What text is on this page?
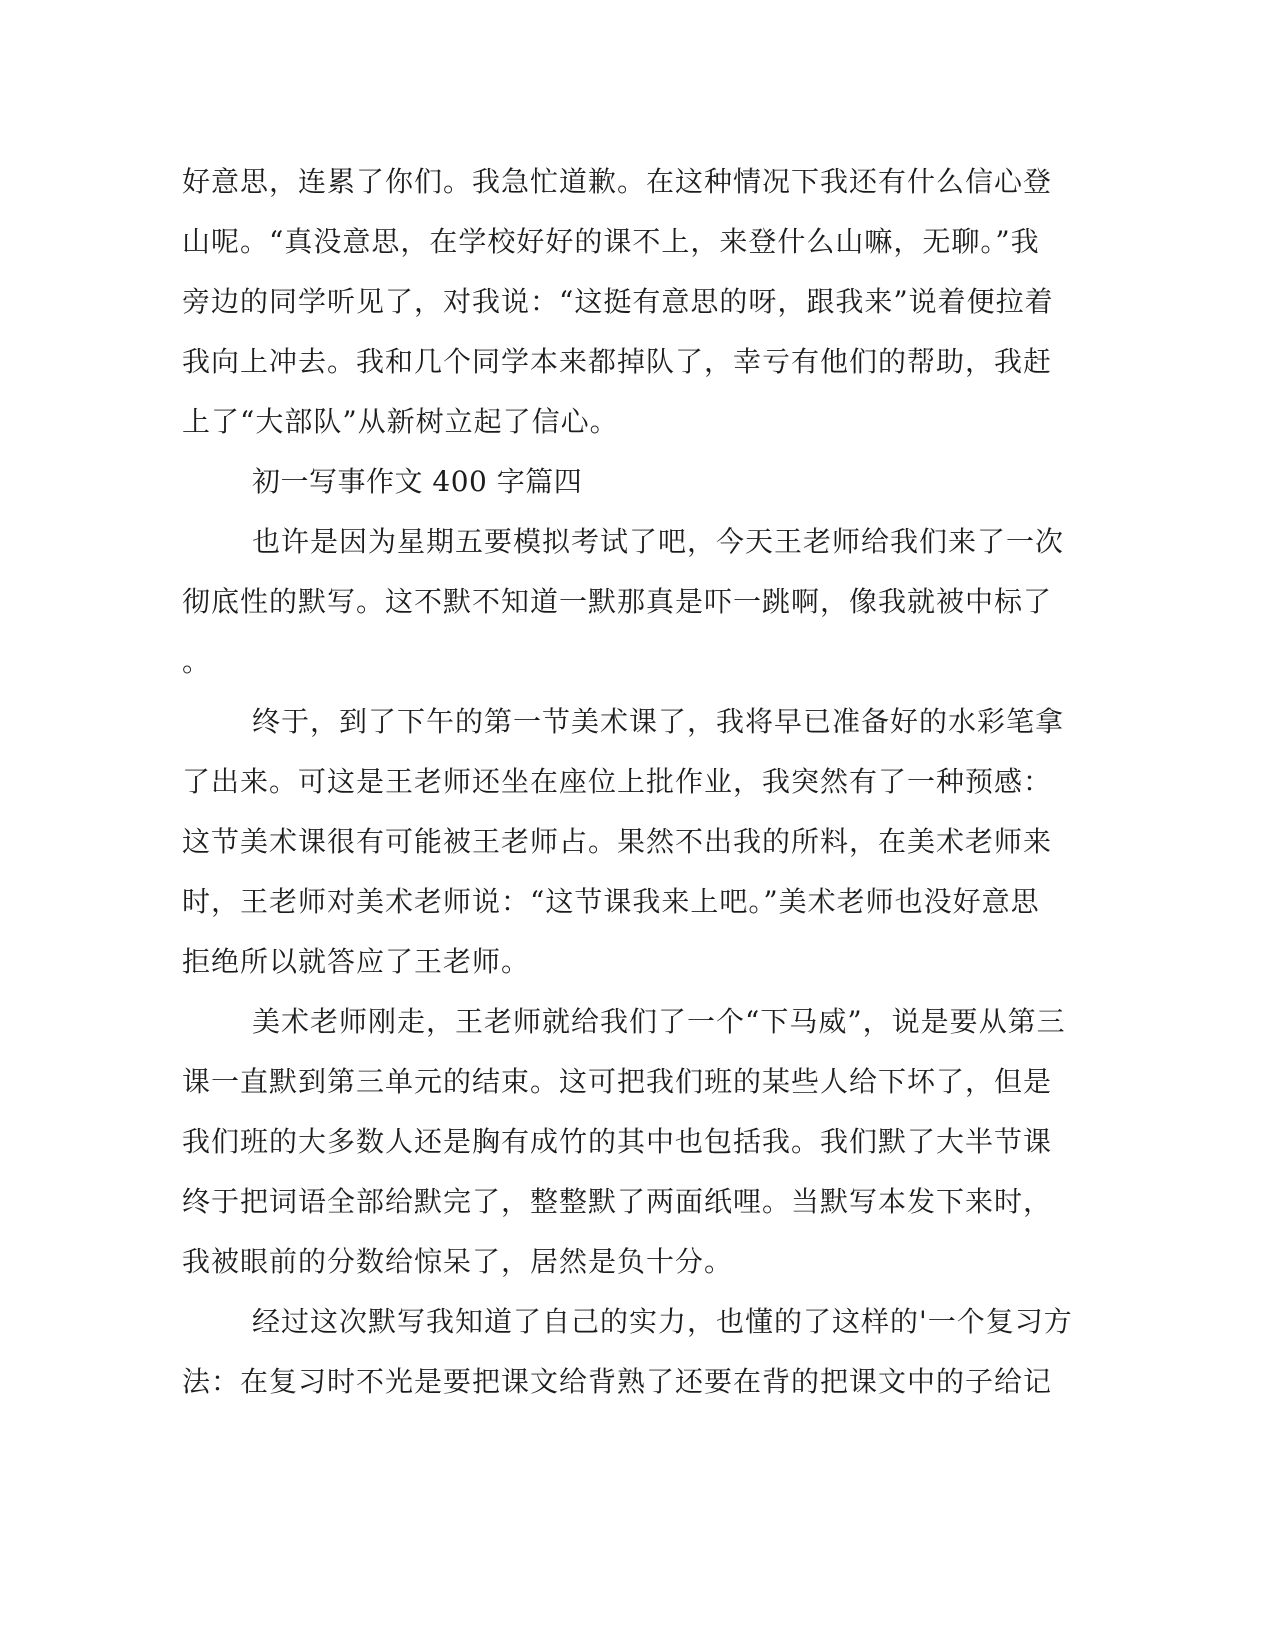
好意思，连累了你们。我急忙道歉。在这种情况下我还有什么信心登
山呢。“真没意思，在学校好好的课不上，来登什么山嘛，无聊。”我
旁边的同学听见了，对我说：“这挺有意思的呀，跟我来”说着便拉着
我向上冲去。我和几个同学本来都掉队了，幸亏有他们的帮助，我赶
上了“大部队”从新树立起了信心。
初一写事作文 400 字篇四
也许是因为星期五要模拟考试了吧，今天王老师给我们来了一次
彻底性的默写。这不默不知道一默那真是吓一跳啊，像我就被中标了
。
终于，到了下午的第一节美术课了，我将早已准备好的水彩笔拿
了出来。可这是王老师还坐在座位上批作业，我突然有了一种预感：
这节美术课很有可能被王老师占。果然不出我的所料，在美术老师来
时，王老师对美术老师说：“这节课我来上吧。”美术老师也没好意思
拒绝所以就答应了王老师。
美术老师刚走，王老师就给我们了一个“下马威”，说是要从第三
课一直默到第三单元的结束。这可把我们班的某些人给下坏了，但是
我们班的大多数人还是胸有成竹的其中也包括我。我们默了大半节课
终于把词语全部给默完了，整整默了两面纸哩。当默写本发下来时，
我被眼前的分数给惊呆了，居然是负十分。
经过这次默写我知道了自己的实力，也懂的了这样的'一个复习方
法：在复习时不光是要把课文给背熟了还要在背的把课文中的子给记
